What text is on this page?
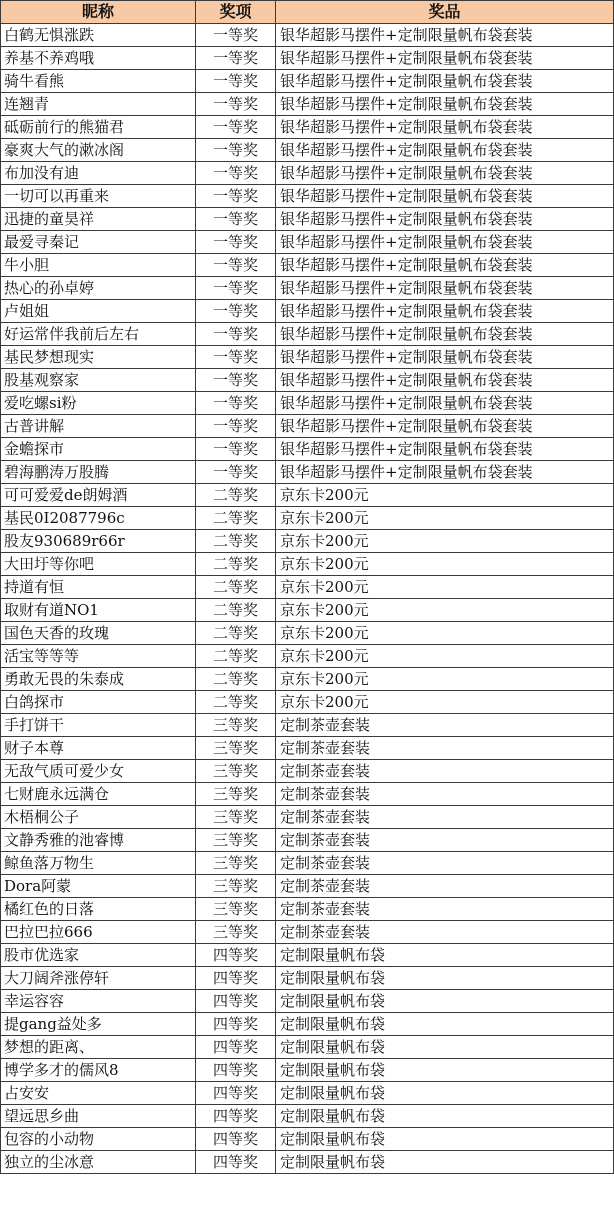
昵称	奖项	奖品
白鹤无惧涨跌	一等奖	银华超影马摆件+定制限量帆布袋套装
养基不养鸡哦	一等奖	银华超影马摆件+定制限量帆布袋套装
骑牛看熊	一等奖	银华超影马摆件+定制限量帆布袋套装
连翘青	一等奖	银华超影马摆件+定制限量帆布袋套装
砥砺前行的熊猫君	一等奖	银华超影马摆件+定制限量帆布袋套装
豪爽大气的漱冰阁	一等奖	银华超影马摆件+定制限量帆布袋套装
布加没有迪	一等奖	银华超影马摆件+定制限量帆布袋套装
一切可以再重来	一等奖	银华超影马摆件+定制限量帆布袋套装
迅捷的童昊祥	一等奖	银华超影马摆件+定制限量帆布袋套装
最爱寻秦记	一等奖	银华超影马摆件+定制限量帆布袋套装
牛小胆	一等奖	银华超影马摆件+定制限量帆布袋套装
热心的孙卓婷	一等奖	银华超影马摆件+定制限量帆布袋套装
卢姐姐	一等奖	银华超影马摆件+定制限量帆布袋套装
好运常伴我前后左右	一等奖	银华超影马摆件+定制限量帆布袋套装
基民梦想现实	一等奖	银华超影马摆件+定制限量帆布袋套装
股基观察家	一等奖	银华超影马摆件+定制限量帆布袋套装
爱吃螺si粉	一等奖	银华超影马摆件+定制限量帆布袋套装
古普讲解	一等奖	银华超影马摆件+定制限量帆布袋套装
金蟾探市	一等奖	银华超影马摆件+定制限量帆布袋套装
碧海鹏涛万股腾	一等奖	银华超影马摆件+定制限量帆布袋套装
可可爱爱de朗姆酒	二等奖	京东卡200元
基民0I2087796c	二等奖	京东卡200元
股友930689r66r	二等奖	京东卡200元
大田圩等你吧	二等奖	京东卡200元
持道有恒	二等奖	京东卡200元
取财有道NO1	二等奖	京东卡200元
国色天香的玫瑰	二等奖	京东卡200元
活宝等等等	二等奖	京东卡200元
勇敢无畏的朱泰成	二等奖	京东卡200元
白鸽探市	二等奖	京东卡200元
手打饼干	三等奖	定制茶壶套装
财子本尊	三等奖	定制茶壶套装
无敌气质可爱少女	三等奖	定制茶壶套装
七财鹿永远满仓	三等奖	定制茶壶套装
木梧桐公子	三等奖	定制茶壶套装
文静秀雅的池睿博	三等奖	定制茶壶套装
鲸鱼落万物生	三等奖	定制茶壶套装
Dora阿蒙	三等奖	定制茶壶套装
橘红色的日落	三等奖	定制茶壶套装
巴拉巴拉666	三等奖	定制茶壶套装
股市优选家	四等奖	定制限量帆布袋
大刀阔斧涨停轩	四等奖	定制限量帆布袋
幸运容容	四等奖	定制限量帆布袋
提gang益处多	四等奖	定制限量帆布袋
梦想的距离、	四等奖	定制限量帆布袋
博学多才的儒风8	四等奖	定制限量帆布袋
占安安	四等奖	定制限量帆布袋
望远思乡曲	四等奖	定制限量帆布袋
包容的小动物	四等奖	定制限量帆布袋
独立的尘冰意	四等奖	定制限量帆布袋
